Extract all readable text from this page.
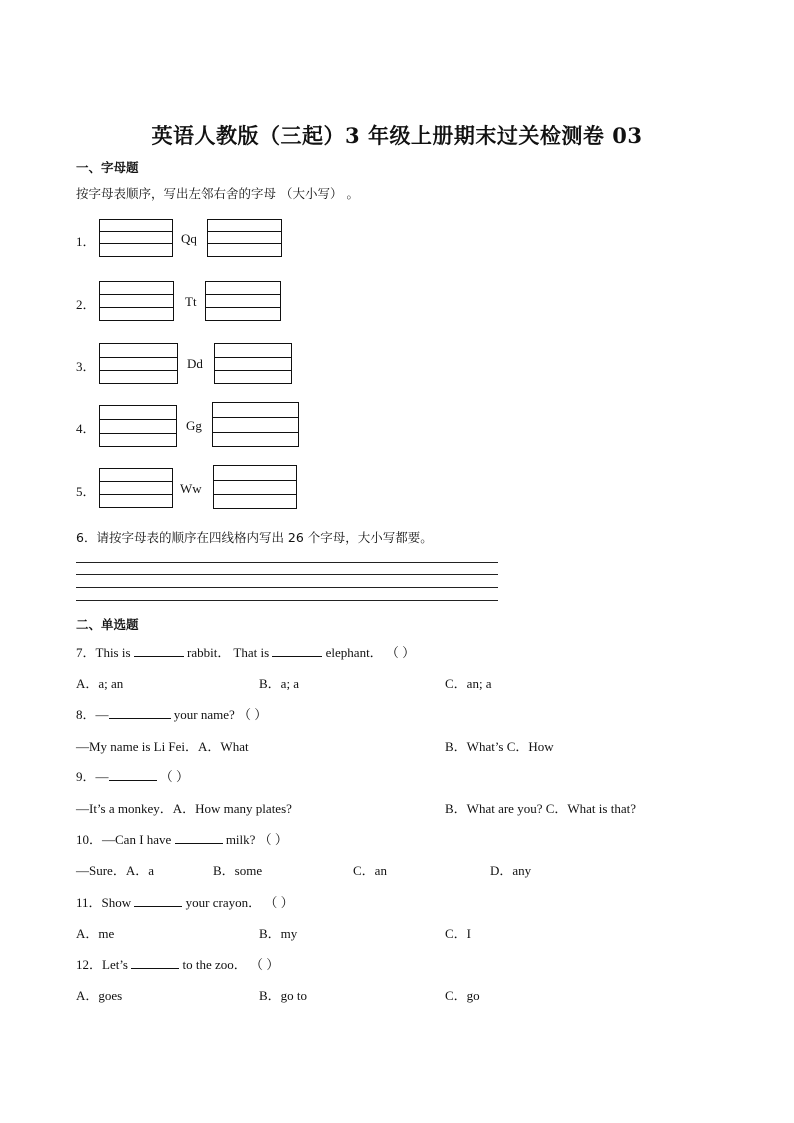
英语人教版（三起）3 年级上册期末过关检测卷 03
一、字母题
按字母表顺序，写出左邻右舍的字母 （大小写） 。
1．	Qq
2．	Tt
3．	Dd
4．	Gg
5．	Ww
6．请按字母表的顺序在四线格内写出 26 个字母，大小写都要。
二、单选题
7．This is	rabbit． That is	elephant． （ ）
A．a; an	B．a; a	C．an; a
8．—	your name? （ ）
—My name is Li Fei．A．What	B．What’s C．How
9．—	（ ）
—It’s a monkey．A．How many plates?	B．What are you? C．What is that?
10．—Can I have	milk? （ ）
—Sure．A．a	B．some	C．an	D．any
11．Show	your crayon． （ ）
A．me	B．my	C．I
12．Let’s	to the zoo． （ ）
A．goes	B．go to	C．go
